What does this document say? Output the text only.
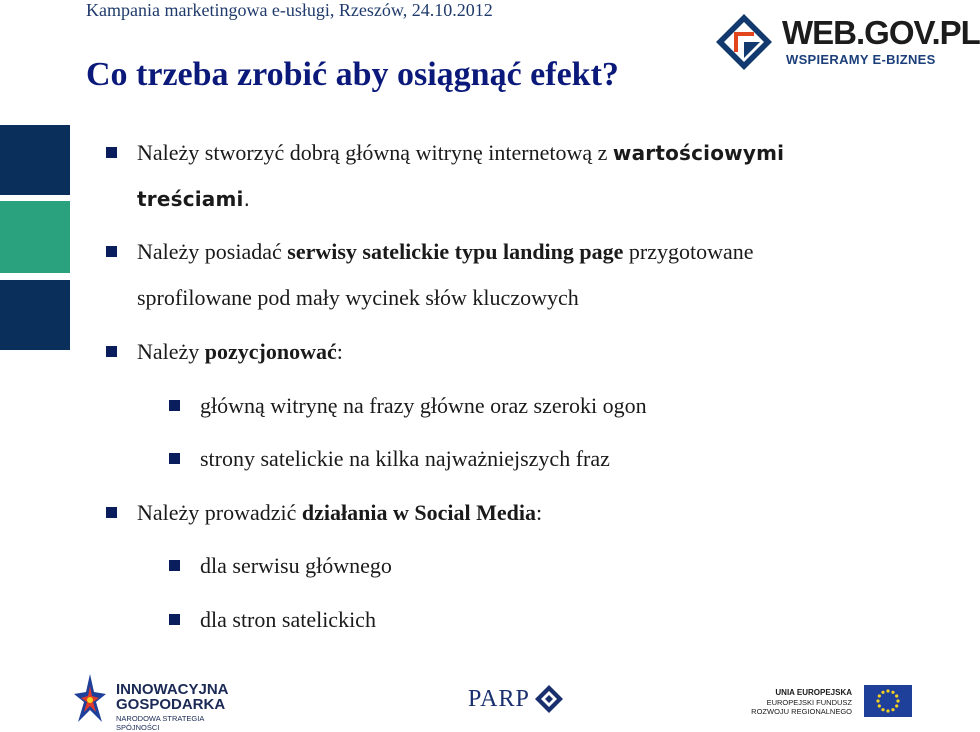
Kampania marketingowa e-usługi, Rzeszów, 24.10.2012
Co trzeba zrobić aby osiągnąć efekt?
WEB.GOV.PL
WSPIERAMY E-BIZNES
Należy stworzyć dobrą główną witrynę internetową z wartościowymi
treściami.
Należy posiadać serwisy satelickie typu landing page przygotowane
sprofilowane pod mały wycinek słów kluczowych
Należy pozycjonować:
główną witrynę na frazy główne oraz szeroki ogon
strony satelickie na kilka najważniejszych fraz
Należy prowadzić działania w Social Media:
dla serwisu głównego
dla stron satelickich
INNOWACYJNA
GOSPODARKA
NARODOWA STRATEGIA SPÓJNOŚCI
PARP	UNIA EUROPEJSKA
EUROPEJSKI FUNDUSZ
ROZWOJU REGIONALNEGO
